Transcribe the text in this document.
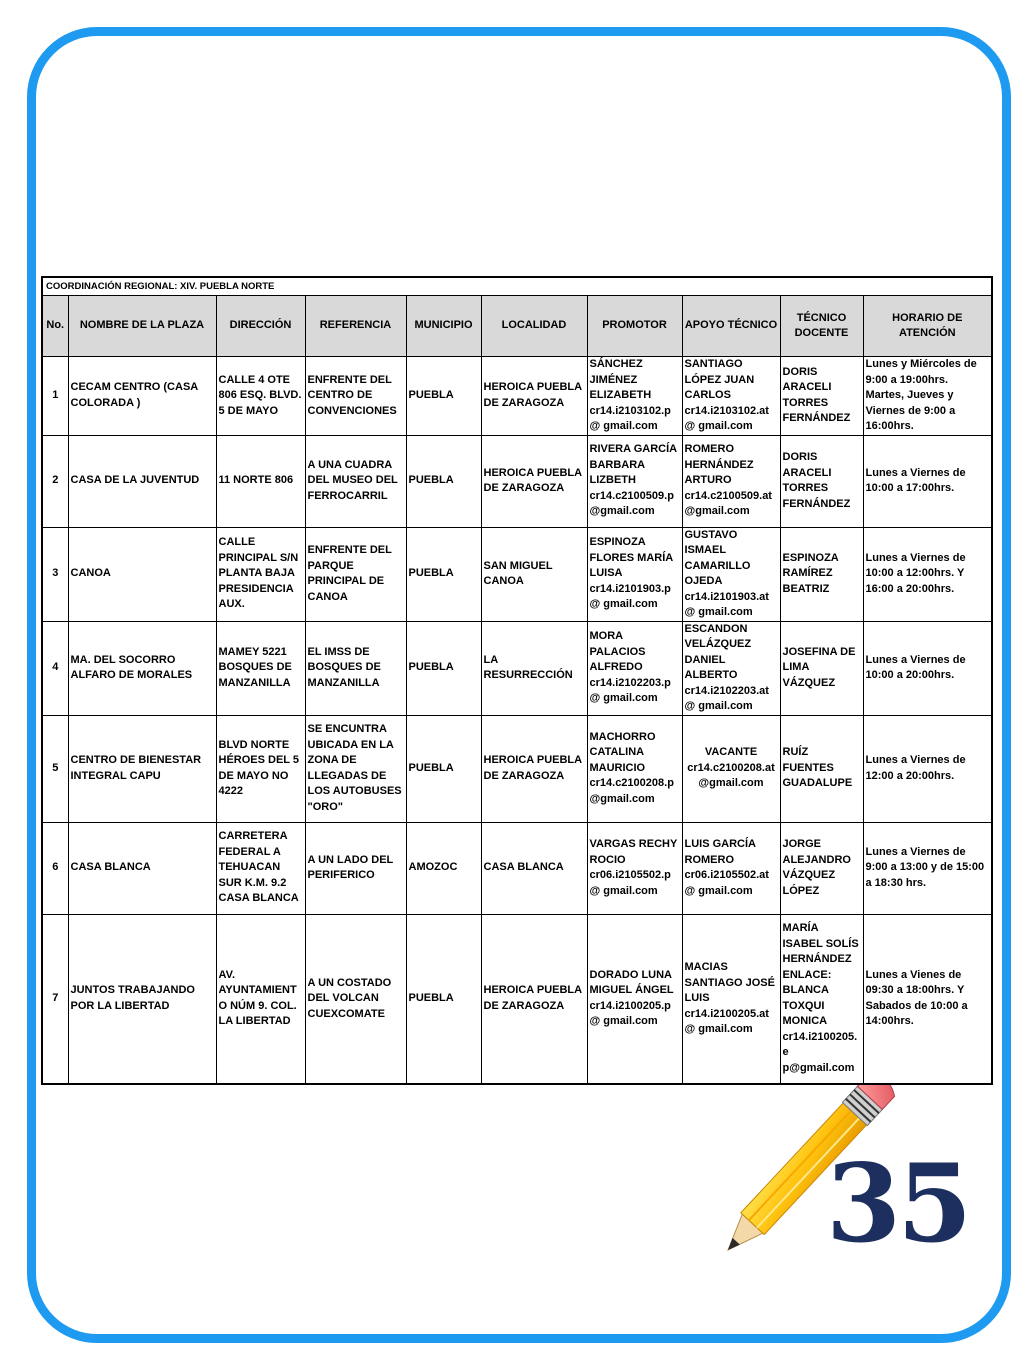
COORDINACIÓN REGIONAL: XIV. PUEBLA NORTE									
No.	NOMBRE DE LA PLAZA	DIRECCIÓN	REFERENCIA	MUNICIPIO	LOCALIDAD	PROMOTOR	APOYO TÉCNICO	TÉCNICO DOCENTE	HORARIO DE ATENCIÓN
1	CECAM CENTRO (CASA COLORADA )	CALLE 4 OTE 806 ESQ. BLVD. 5 DE MAYO	ENFRENTE DEL CENTRO DE CONVENCIONES	PUEBLA	HEROICA PUEBLA DE ZARAGOZA	SÁNCHEZ JIMÉNEZ ELIZABETH cr14.i2103102.p@ gmail.com	SANTIAGO LÓPEZ JUAN CARLOS cr14.i2103102.at@ gmail.com	DORIS ARACELI TORRES FERNÁNDEZ	Lunes y Miércoles de 9:00 a 19:00hrs. Martes, Jueves y Viernes de 9:00 a 16:00hrs.
2	CASA DE LA JUVENTUD	11 NORTE 806	A UNA CUADRA DEL MUSEO DEL FERROCARRIL	PUEBLA	HEROICA PUEBLA DE ZARAGOZA	RIVERA GARCÍA BARBARA LIZBETH cr14.c2100509.p @gmail.com	ROMERO HERNÁNDEZ ARTURO cr14.c2100509.at @gmail.com	DORIS ARACELI TORRES FERNÁNDEZ	Lunes a Viernes de 10:00 a 17:00hrs.
3	CANOA	CALLE PRINCIPAL S/N PLANTA BAJA PRESIDENCIA AUX.	ENFRENTE DEL PARQUE PRINCIPAL DE CANOA	PUEBLA	SAN MIGUEL CANOA	ESPINOZA FLORES MARÍA LUISA cr14.i2101903.p@ gmail.com	GUSTAVO ISMAEL CAMARILLO OJEDA cr14.i2101903.at@ gmail.com	ESPINOZA RAMÍREZ BEATRIZ	Lunes a Viernes de 10:00 a 12:00hrs. Y 16:00 a 20:00hrs.
4	MA. DEL SOCORRO ALFARO DE MORALES	MAMEY 5221 BOSQUES DE MANZANILLA	EL IMSS DE BOSQUES DE MANZANILLA	PUEBLA	LA RESURRECCIÓN	MORA PALACIOS ALFREDO cr14.i2102203.p@ gmail.com	ESCANDON VELÁZQUEZ DANIEL ALBERTO cr14.i2102203.at@ gmail.com	JOSEFINA DE LIMA VÁZQUEZ	Lunes a Viernes de 10:00 a 20:00hrs.
5	CENTRO DE BIENESTAR INTEGRAL CAPU	BLVD NORTE HÉROES DEL 5 DE MAYO NO 4222	SE ENCUNTRA UBICADA EN LA ZONA DE LLEGADAS DE LOS AUTOBUSES "ORO"	PUEBLA	HEROICA PUEBLA DE ZARAGOZA	MACHORRO CATALINA MAURICIO cr14.c2100208.p @gmail.com	VACANTE cr14.c2100208.at @gmail.com	RUÍZ FUENTES GUADALUPE	Lunes a Viernes de 12:00 a 20:00hrs.
6	CASA BLANCA	CARRETERA FEDERAL A TEHUACAN SUR K.M. 9.2 CASA BLANCA	A UN LADO DEL PERIFERICO	AMOZOC	CASA BLANCA	VARGAS RECHY ROCIO cr06.i2105502.p@ gmail.com	LUIS GARCÍA ROMERO cr06.i2105502.at@ gmail.com	JORGE ALEJANDRO VÁZQUEZ LÓPEZ	Lunes a Viernes de 9:00 a 13:00 y de 15:00 a 18:30 hrs.
7	JUNTOS TRABAJANDO POR LA LIBERTAD	AV. AYUNTAMIENTO NÚM 9. COL. LA LIBERTAD	A UN COSTADO DEL VOLCAN CUEXCOMATE	PUEBLA	HEROICA PUEBLA DE ZARAGOZA	DORADO LUNA MIGUEL ÁNGEL cr14.i2100205.p@ gmail.com	MACIAS SANTIAGO JOSÉ LUIS cr14.i2100205.at@ gmail.com	MARÍA ISABEL SOLÍS HERNÁNDEZ ENLACE: BLANCA TOXQUI MONICA cr14.i2100205.e p@gmail.com	Lunes a Vienes de 09:30 a 18:00hrs. Y Sabados de 10:00 a 14:00hrs.
35
